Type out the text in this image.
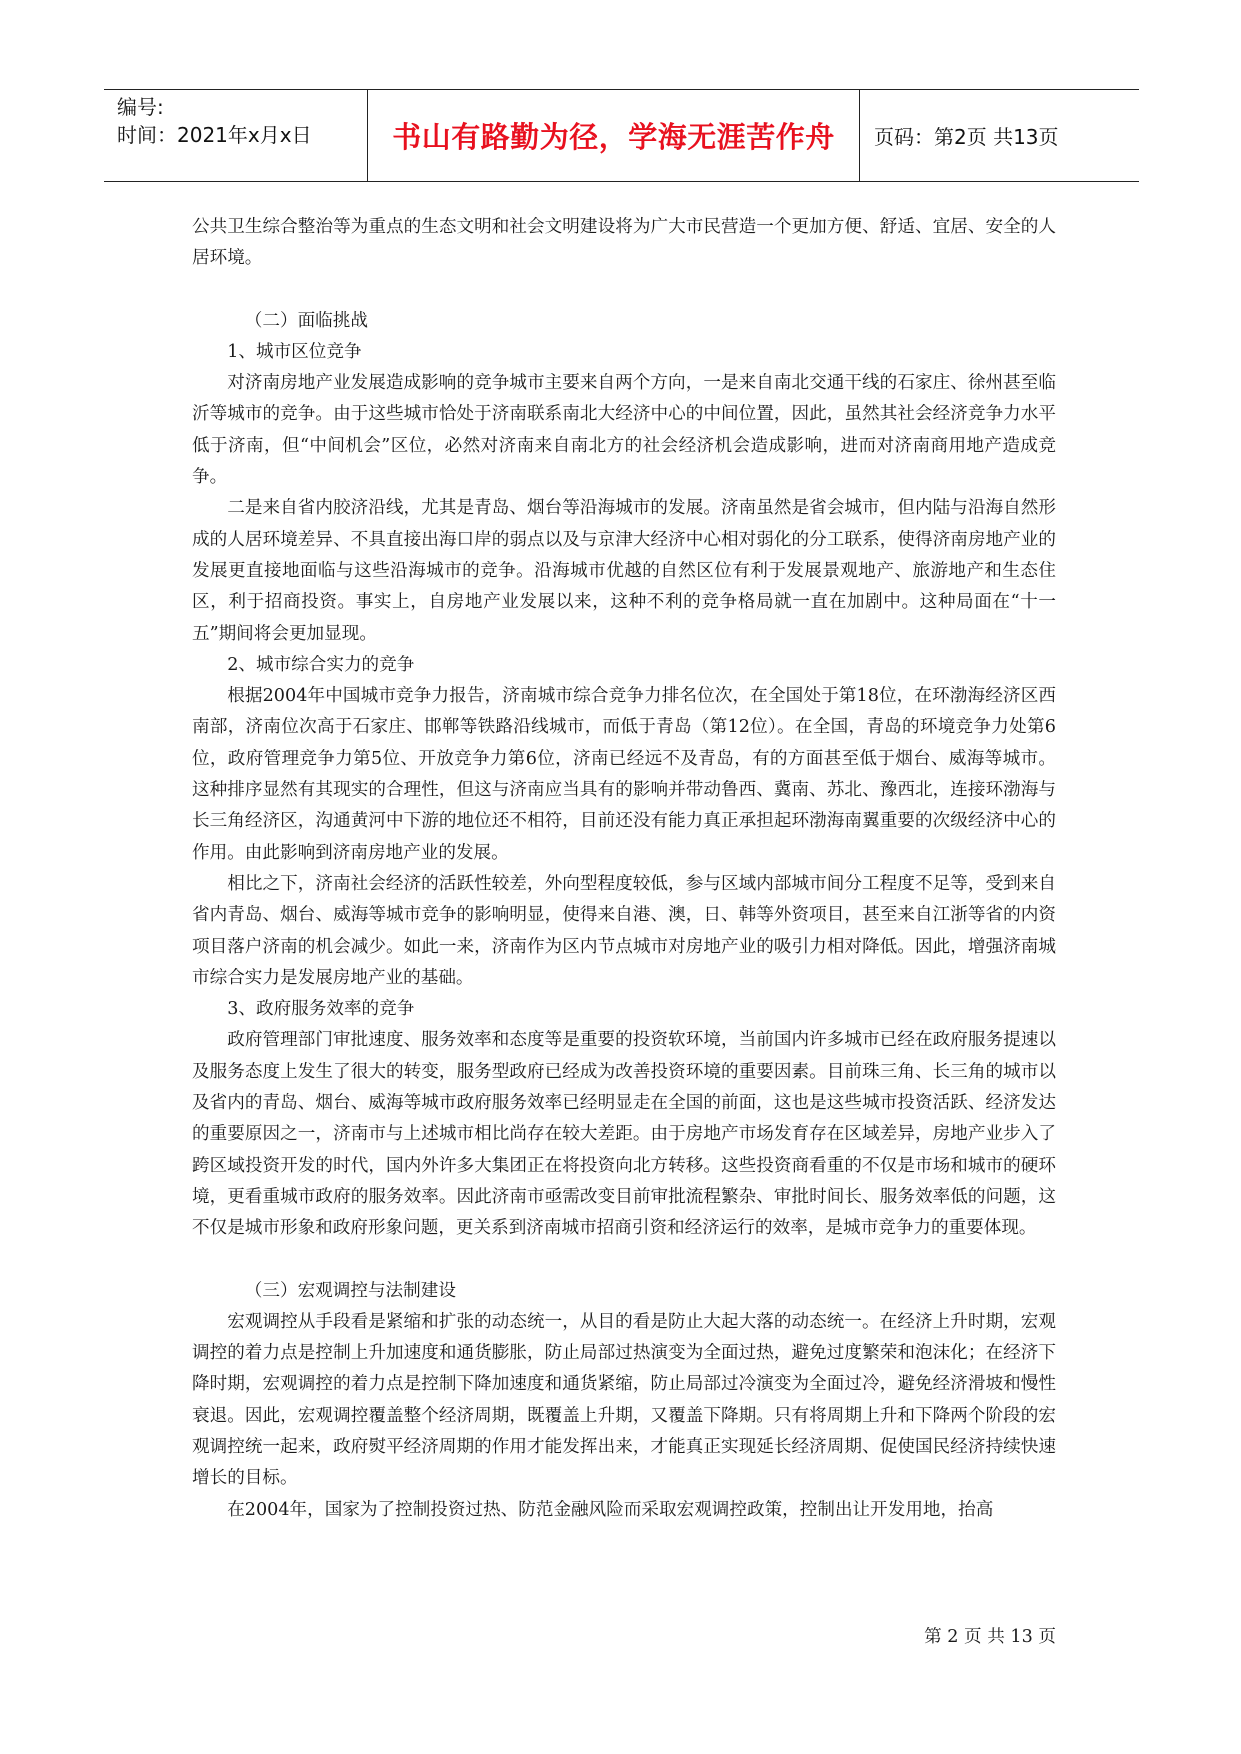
编号:
时间：2021年x月x日	书山有路勤为径，学海无涯苦作舟 页码：第2页 共13页

公共卫生综合整治等为重点的生态文明和社会文明建设将为广大市民营造一个更加方便、舒适、宜居、安全的人居环境。

（二）面临挑战

1、城市区位竞争

对济南房地产业发展造成影响的竞争城市主要来自两个方向，一是来自南北交通干线的石家庄、徐州甚至临沂等城市的竞争。由于这些城市恰处于济南联系南北大经济中心的中间位置，因此，虽然其社会经济竞争力水平低于济南，但“中间机会”区位，必然对济南来自南北方的社会经济机会造成影响，进而对济南商用地产造成竞争。

二是来自省内胶济沿线，尤其是青岛、烟台等沿海城市的发展。济南虽然是省会城市，但内陆与沿海自然形成的人居环境差异、不具直接出海口岸的弱点以及与京津大经济中心相对弱化的分工联系，使得济南房地产业的发展更直接地面临与这些沿海城市的竞争。沿海城市优越的自然区位有利于发展景观地产、旅游地产和生态住区，利于招商投资。事实上，自房地产业发展以来，这种不利的竞争格局就一直在加剧中。这种局面在“十一五”期间将会更加显现。

2、城市综合实力的竞争

根据2004年中国城市竞争力报告，济南城市综合竞争力排名位次，在全国处于第18位，在环渤海经济区西南部，济南位次高于石家庄、邯郸等铁路沿线城市，而低于青岛（第12位）。在全国，青岛的环境竞争力处第6位，政府管理竞争力第5位、开放竞争力第6位，济南已经远不及青岛，有的方面甚至低于烟台、威海等城市。这种排序显然有其现实的合理性，但这与济南应当具有的影响并带动鲁西、冀南、苏北、豫西北，连接环渤海与长三角经济区，沟通黄河中下游的地位还不相符，目前还没有能力真正承担起环渤海南翼重要的次级经济中心的作用。由此影响到济南房地产业的发展。

相比之下，济南社会经济的活跃性较差，外向型程度较低，参与区域内部城市间分工程度不足等，受到来自省内青岛、烟台、威海等城市竞争的影响明显，使得来自港、澳，日、韩等外资项目，甚至来自江浙等省的内资项目落户济南的机会减少。如此一来，济南作为区内节点城市对房地产业的吸引力相对降低。因此，增强济南城市综合实力是发展房地产业的基础。

3、政府服务效率的竞争

政府管理部门审批速度、服务效率和态度等是重要的投资软环境，当前国内许多城市已经在政府服务提速以及服务态度上发生了很大的转变，服务型政府已经成为改善投资环境的重要因素。目前珠三角、长三角的城市以及省内的青岛、烟台、威海等城市政府服务效率已经明显走在全国的前面，这也是这些城市投资活跃、经济发达的重要原因之一，济南市与上述城市相比尚存在较大差距。由于房地产市场发育存在区域差异，房地产业步入了跨区域投资开发的时代，国内外许多大集团正在将投资向北方转移。这些投资商看重的不仅是市场和城市的硬环境，更看重城市政府的服务效率。因此济南市亟需改变目前审批流程繁杂、审批时间长、服务效率低的问题，这不仅是城市形象和政府形象问题，更关系到济南城市招商引资和经济运行的效率，是城市竞争力的重要体现。

（三）宏观调控与法制建设

宏观调控从手段看是紧缩和扩张的动态统一，从目的看是防止大起大落的动态统一。在经济上升时期，宏观调控的着力点是控制上升加速度和通货膨胀，防止局部过热演变为全面过热，避免过度繁荣和泡沫化；在经济下降时期，宏观调控的着力点是控制下降加速度和通货紧缩，防止局部过冷演变为全面过冷，避免经济滑坡和慢性衰退。因此，宏观调控覆盖整个经济周期，既覆盖上升期，又覆盖下降期。只有将周期上升和下降两个阶段的宏观调控统一起来，政府熨平经济周期的作用才能发挥出来，才能真正实现延长经济周期、促使国民经济持续快速增长的目标。

在2004年，国家为了控制投资过热、防范金融风险而采取宏观调控政策，控制出让开发用地，抬高

第 2 页 共 13 页
